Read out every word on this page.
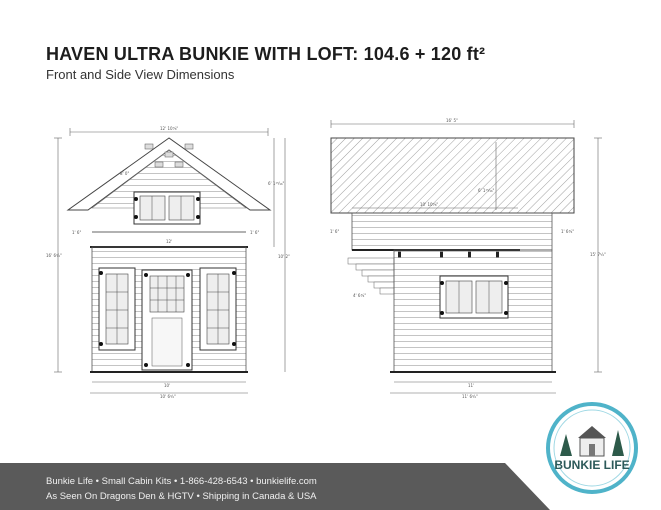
HAVEN ULTRA BUNKIE WITH LOFT: 104.6 + 120 ft²

Front and Side View Dimensions

12' 10⁷⁄₈"
8' 0"
1' 6"	1' 6"
12'
16' 6³⁄₄"
6' 1¹⁵⁄₁₆"
10' 2"
10'
10' 6³⁄₄"
16' 5"
6' 1¹⁵⁄₁₆"
10' 10⁵⁄₈"
1' 6"	1' 6³⁄₄"
4' 6³⁄₄"
15' 7¹⁄₄"
11'
11' 6³⁄₄"
Bunkie Life • Small Cabin Kits • 1-866-428-6543 • bunkielife.com
As Seen On Dragons Den & HGTV • Shipping in Canada & USA
BUNKIE LIFE
